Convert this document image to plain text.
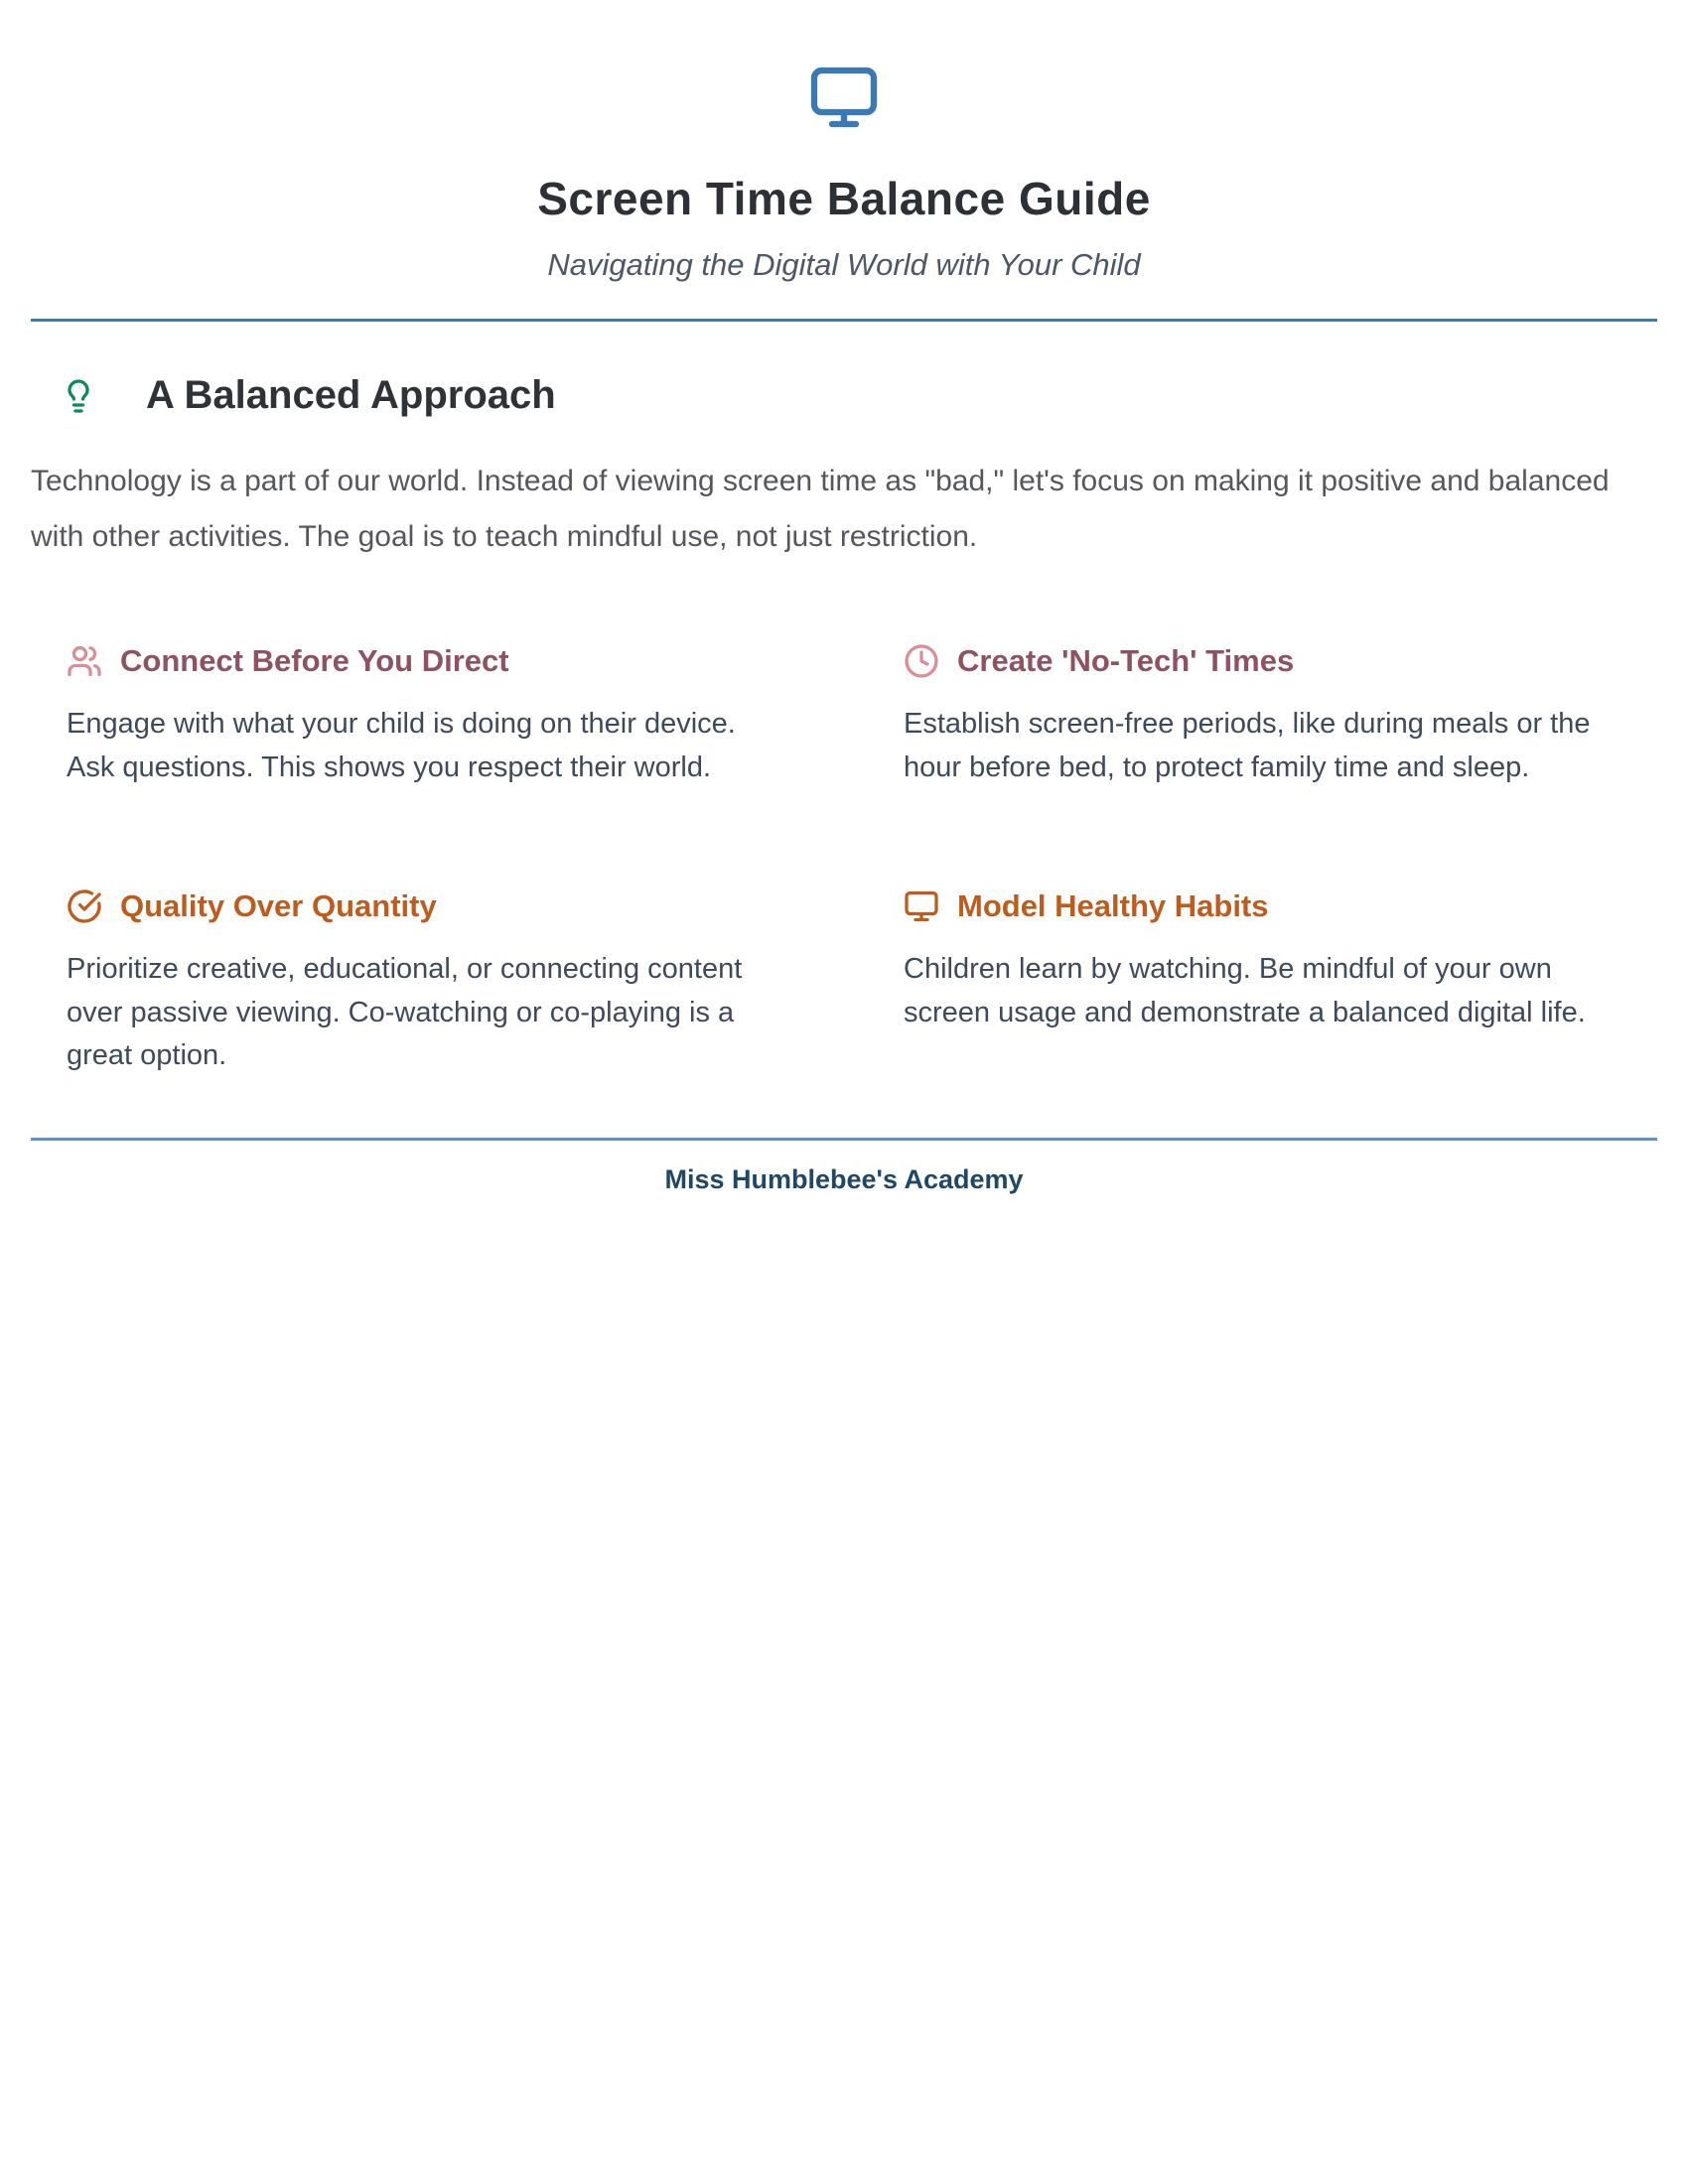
Screen Time Balance Guide
Navigating the Digital World with Your Child
A Balanced Approach

Technology is a part of our world. Instead of viewing screen time as "bad," let's focus on making it positive and balanced with other activities. The goal is to teach mindful use, not just restriction.

Connect Before You Direct

Engage with what your child is doing on their device. Ask questions. This shows you respect their world.

Create 'No-Tech' Times

Establish screen-free periods, like during meals or the hour before bed, to protect family time and sleep.

Quality Over Quantity

Prioritize creative, educational, or connecting content over passive viewing. Co-watching or co-playing is a great option.

Model Healthy Habits

Children learn by watching. Be mindful of your own screen usage and demonstrate a balanced digital life.

Miss Humblebee's Academy
